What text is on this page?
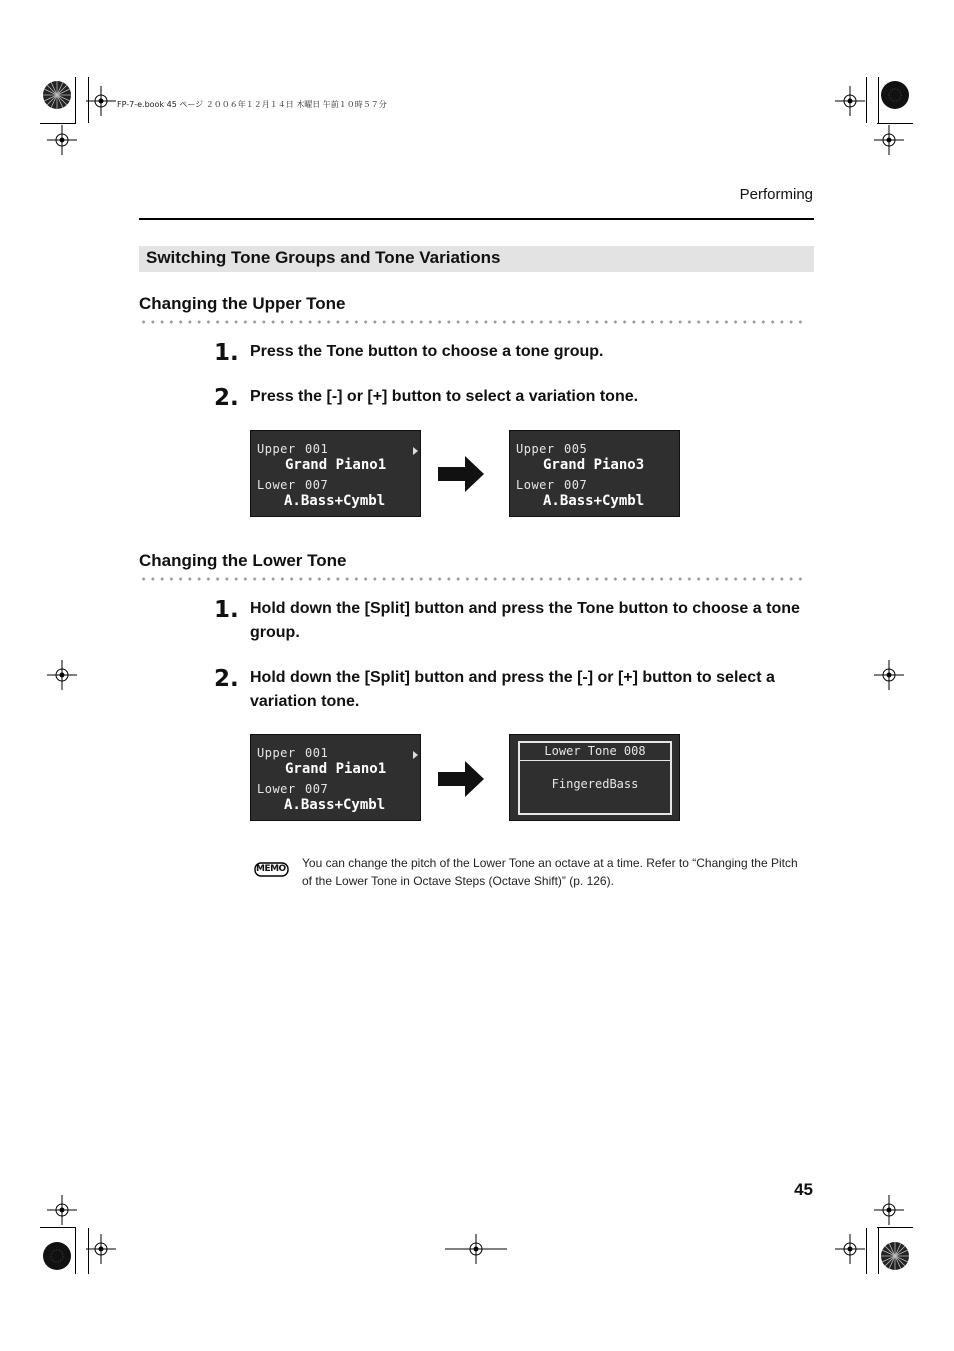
FP-7-e.book 45 ページ ２００６年１２月１４日 木曜日 午前１０時５７分
Performing
Switching Tone Groups and Tone Variations
Changing the Upper Tone
1. Press the Tone button to choose a tone group.
2. Press the [-] or [+] button to select a variation tone.
Upper 001
Grand Piano1
Lower 007
A.Bass+Cymbl
Upper 005
Grand Piano3
Lower 007
A.Bass+Cymbl
Changing the Lower Tone
1. Hold down the [Split] button and press the Tone button to choose a tone group.
2. Hold down the [Split] button and press the [-] or [+] button to select a variation tone.
Upper 001
Grand Piano1
Lower 007
A.Bass+Cymbl
Lower Tone 008
FingeredBass
MEMO You can change the pitch of the Lower Tone an octave at a time. Refer to “Changing the Pitch of the Lower Tone in Octave Steps (Octave Shift)” (p. 126).
45
